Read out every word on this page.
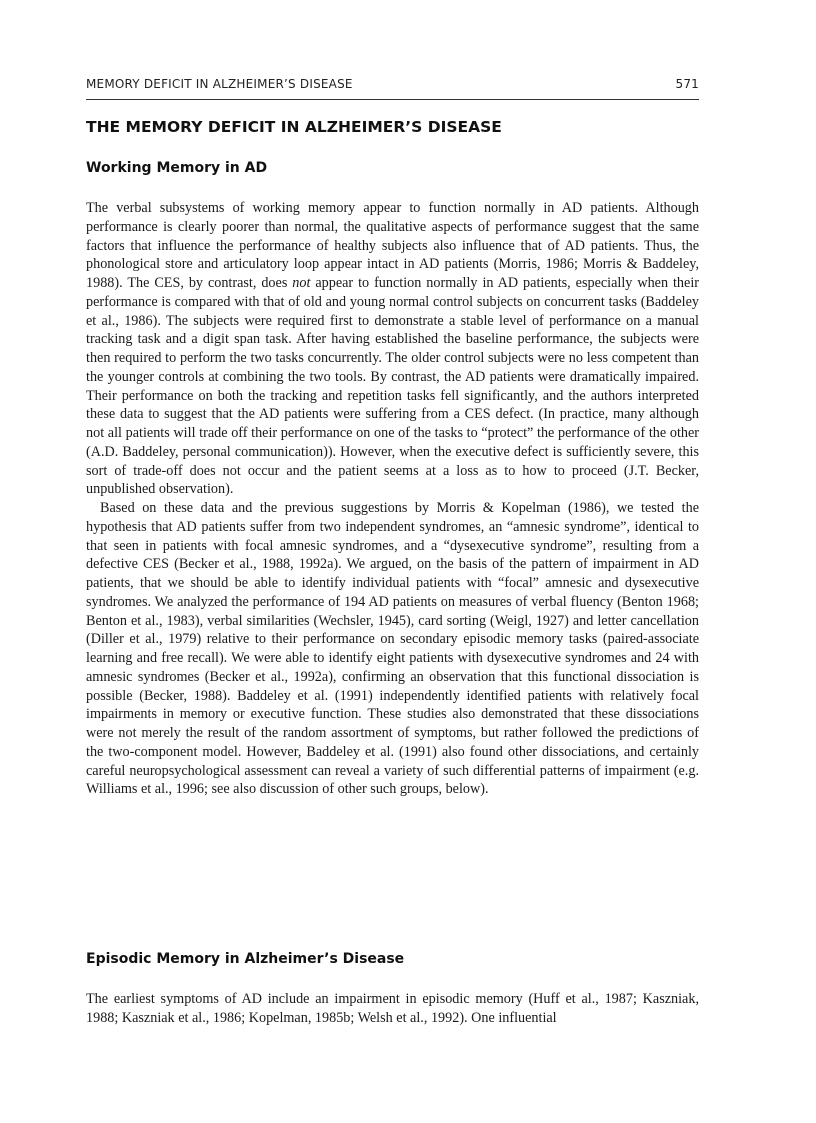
MEMORY DEFICIT IN ALZHEIMER’S DISEASE	571
THE MEMORY DEFICIT IN ALZHEIMER’S DISEASE
Working Memory in AD

The verbal subsystems of working memory appear to function normally in AD patients. Although performance is clearly poorer than normal, the qualitative aspects of performance suggest that the same factors that influence the performance of healthy subjects also influence that of AD patients. Thus, the phonological store and articulatory loop appear intact in AD patients (Morris, 1986; Morris & Baddeley, 1988). The CES, by contrast, does not appear to function normally in AD patients, especially when their performance is compared with that of old and young normal control subjects on concurrent tasks (Baddeley et al., 1986). The subjects were required first to demonstrate a stable level of performance on a manual tracking task and a digit span task. After having established the baseline performance, the subjects were then required to perform the two tasks concurrently. The older control subjects were no less competent than the younger controls at combining the two tools. By contrast, the AD patients were dramatically impaired. Their performance on both the tracking and repetition tasks fell significantly, and the authors interpreted these data to suggest that the AD patients were suffering from a CES defect. (In practice, many although not all patients will trade off their performance on one of the tasks to “protect” the performance of the other (A.D. Baddeley, personal communication)). However, when the executive defect is sufficiently severe, this sort of trade-off does not occur and the patient seems at a loss as to how to proceed (J.T. Becker, unpublished observation).

Based on these data and the previous suggestions by Morris & Kopelman (1986), we tested the hypothesis that AD patients suffer from two independent syndromes, an “amnesic syndrome”, identical to that seen in patients with focal amnesic syndromes, and a “dysexecutive syndrome”, resulting from a defective CES (Becker et al., 1988, 1992a). We argued, on the basis of the pattern of impairment in AD patients, that we should be able to identify individual patients with “focal” amnesic and dysexecutive syndromes. We analyzed the performance of 194 AD patients on measures of verbal fluency (Benton 1968; Benton et al., 1983), verbal similarities (Wechsler, 1945), card sorting (Weigl, 1927) and letter cancellation (Diller et al., 1979) relative to their performance on secondary episodic memory tasks (paired-associate learning and free recall). We were able to identify eight patients with dysexecutive syndromes and 24 with amnesic syndromes (Becker et al., 1992a), confirming an observation that this functional dissociation is possible (Becker, 1988). Baddeley et al. (1991) independently identified patients with relatively focal impairments in memory or executive function. These studies also demonstrated that these dissociations were not merely the result of the random assortment of symptoms, but rather followed the predictions of the two-component model. However, Baddeley et al. (1991) also found other dissociations, and certainly careful neuropsychological assessment can reveal a variety of such differential patterns of impairment (e.g. Williams et al., 1996; see also discussion of other such groups, below).

Episodic Memory in Alzheimer’s Disease

The earliest symptoms of AD include an impairment in episodic memory (Huff et al., 1987; Kaszniak, 1988; Kaszniak et al., 1986; Kopelman, 1985b; Welsh et al., 1992). One influential
